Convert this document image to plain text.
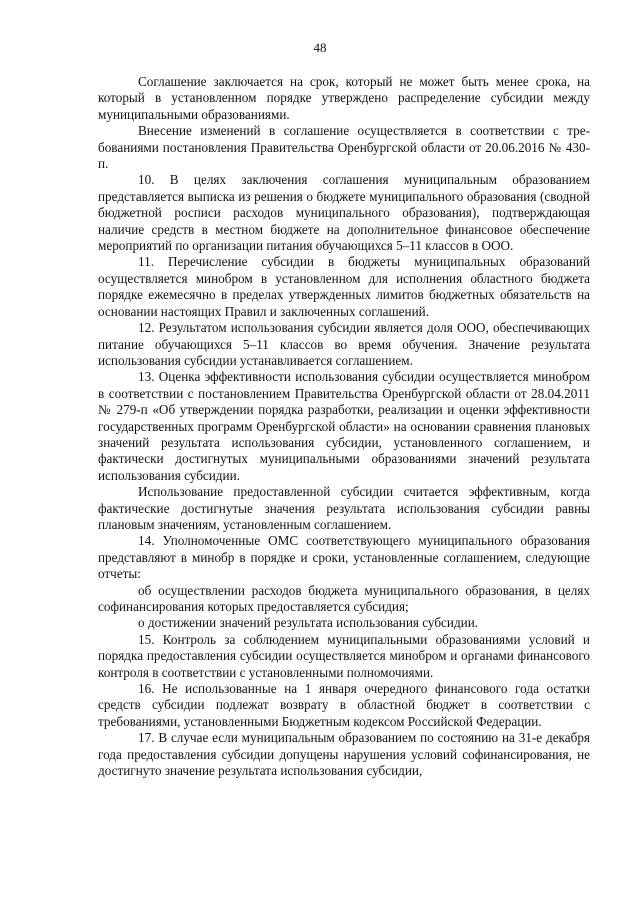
48

Соглашение заключается на срок, который не может быть менее срока, на который в установленном порядке утверждено распределение субсидии между муниципальными образованиями.

Внесение изменений в соглашение осуществляется в соответствии с требованиями постановления Правительства Оренбургской области от 20.06.2016 № 430-п.

10. В целях заключения соглашения муниципальным образованием представляется выписка из решения о бюджете муниципального образования (сводной бюджетной росписи расходов муниципального образования), подтверждающая наличие средств в местном бюджете на дополнительное финансовое обеспечение мероприятий по организации питания обучающихся 5–11 классов в ООО.

11. Перечисление субсидии в бюджеты муниципальных образований осуществляется минобром в установленном для исполнения областного бюджета порядке ежемесячно в пределах утвержденных лимитов бюджетных обязательств на основании настоящих Правил и заключенных соглашений.

12. Результатом использования субсидии является доля ООО, обеспечивающих питание обучающихся 5–11 классов во время обучения. Значение результата использования субсидии устанавливается соглашением.

13. Оценка эффективности использования субсидии осуществляется минобром в соответствии с постановлением Правительства Оренбургской области от 28.04.2011 № 279-п «Об утверждении порядка разработки, реализации и оценки эффективности государственных программ Оренбургской области» на основании сравнения плановых значений результата использования субсидии, установленного соглашением, и фактически достигнутых муниципальными образованиями значений результата использования субсидии.

Использование предоставленной субсидии считается эффективным, когда фактические достигнутые значения результата использования субсидии равны плановым значениям, установленным соглашением.

14. Уполномоченные ОМС соответствующего муниципального образования представляют в минобр в порядке и сроки, установленные соглашением, следующие отчеты:

об осуществлении расходов бюджета муниципального образования, в целях софинансирования которых предоставляется субсидия;

о достижении значений результата использования субсидии.

15. Контроль за соблюдением муниципальными образованиями условий и порядка предоставления субсидии осуществляется минобром и органами финансового контроля в соответствии с установленными полномочиями.

16. Не использованные на 1 января очередного финансового года остатки средств субсидии подлежат возврату в областной бюджет в соответствии с требованиями, установленными Бюджетным кодексом Российской Федерации.

17. В случае если муниципальным образованием по состоянию на 31-е декабря года предоставления субсидии допущены нарушения условий софинансирования, не достигнуто значение результата использования субсидии,
